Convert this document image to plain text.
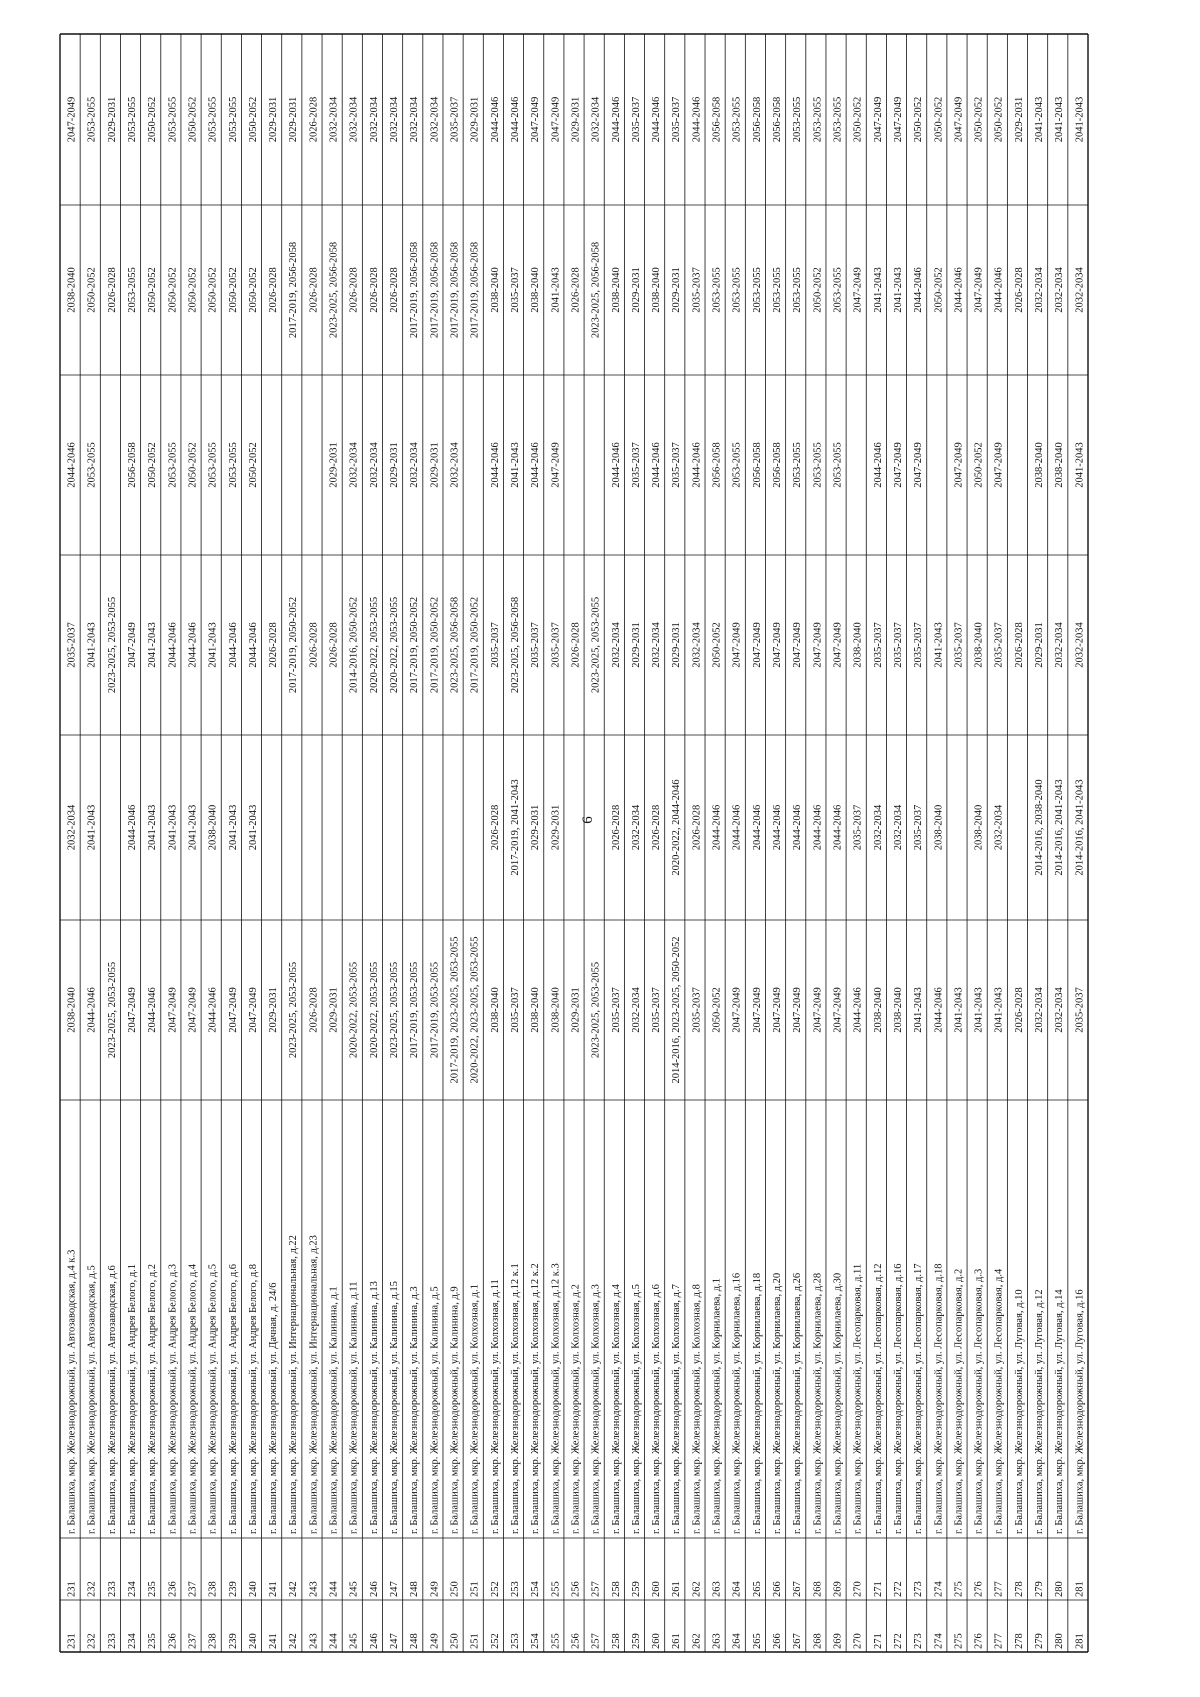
231
231
г. Балашиха, мкр. Железнодорожный, ул. Автозаводская, д.4 к.3
2038-2040
2032-2034
2035-2037
2044-2046
2038-2040
2047-2049
232
232
г. Балашиха, мкр. Железнодорожный, ул. Автозаводская, д.5
2044-2046
2041-2043
2041-2043
2053-2055
2050-2052
2053-2055
233
233
г. Балашиха, мкр. Железнодорожный, ул. Автозаводская, д.6
2023-2025, 2053-2055
2023-2025, 2053-2055
2026-2028
2029-2031
234
234
г. Балашиха, мкр. Железнодорожный, ул. Андрея Белого, д.1
2047-2049
2044-2046
2047-2049
2056-2058
2053-2055
2053-2055
235
235
г. Балашиха, мкр. Железнодорожный, ул. Андрея Белого, д.2
2044-2046
2041-2043
2041-2043
2050-2052
2050-2052
2050-2052
236
236
г. Балашиха, мкр. Железнодорожный, ул. Андрея Белого, д.3
2047-2049
2041-2043
2044-2046
2053-2055
2050-2052
2053-2055
237
237
г. Балашиха, мкр. Железнодорожный, ул. Андрея Белого, д.4
2047-2049
2041-2043
2044-2046
2050-2052
2050-2052
2050-2052
238
238
г. Балашиха, мкр. Железнодорожный, ул. Андрея Белого, д.5
2044-2046
2038-2040
2041-2043
2053-2055
2050-2052
2053-2055
239
239
г. Балашиха, мкр. Железнодорожный, ул. Андрея Белого, д.6
2047-2049
2041-2043
2044-2046
2053-2055
2050-2052
2053-2055
240
240
г. Балашиха, мкр. Железнодорожный, ул. Андрея Белого, д.8
2047-2049
2041-2043
2044-2046
2050-2052
2050-2052
2050-2052
241
241
г. Балашиха, мкр. Железнодорожный, ул. Дачная, д. 24/6
2029-2031
2026-2028
2026-2028
2029-2031
242
242
г. Балашиха, мкр. Железнодорожный, ул. Интернациональная, д.22
2023-2025, 2053-2055
2017-2019, 2050-2052
2017-2019, 2056-2058
2029-2031
243
243
г. Балашиха, мкр. Железнодорожный, ул. Интернациональная, д.23
2026-2028
2026-2028
2026-2028
2026-2028
244
244
г. Балашиха, мкр. Железнодорожный, ул. Калинина, д.1
2029-2031
2026-2028
2029-2031
2023-2025, 2056-2058
2032-2034
245
245
г. Балашиха, мкр. Железнодорожный, ул. Калинина, д.11
2020-2022, 2053-2055
2014-2016, 2050-2052
2032-2034
2026-2028
2032-2034
246
246
г. Балашиха, мкр. Железнодорожный, ул. Калинина, д.13
2020-2022, 2053-2055
2020-2022, 2053-2055
2032-2034
2026-2028
2032-2034
247
247
г. Балашиха, мкр. Железнодорожный, ул. Калинина, д.15
2023-2025, 2053-2055
2020-2022, 2053-2055
2029-2031
2026-2028
2032-2034
248
248
г. Балашиха, мкр. Железнодорожный, ул. Калинина, д.3
2017-2019, 2053-2055
2017-2019, 2050-2052
2032-2034
2017-2019, 2056-2058
2032-2034
249
249
г. Балашиха, мкр. Железнодорожный, ул. Калинина, д.5
2017-2019, 2053-2055
2017-2019, 2050-2052
2029-2031
2017-2019, 2056-2058
2032-2034
250
250
г. Балашиха, мкр. Железнодорожный, ул. Калинина, д.9
2017-2019, 2023-2025, 2053-2055
2023-2025, 2056-2058
2032-2034
2017-2019, 2056-2058
2035-2037
251
251
г. Балашиха, мкр. Железнодорожный, ул. Колхозная, д.1
2020-2022, 2023-2025, 2053-2055
2017-2019, 2050-2052
2017-2019, 2056-2058
2029-2031
252
252
г. Балашиха, мкр. Железнодорожный, ул. Колхозная, д.11
2038-2040
2026-2028
2035-2037
2044-2046
2038-2040
2044-2046
253
253
г. Балашиха, мкр. Железнодорожный, ул. Колхозная, д.12 к.1
2035-2037
2017-2019, 2041-2043
2023-2025, 2056-2058
2041-2043
2035-2037
2044-2046
254
254
г. Балашиха, мкр. Железнодорожный, ул. Колхозная, д.12 к.2
2038-2040
2029-2031
2035-2037
2044-2046
2038-2040
2047-2049
255
255
г. Балашиха, мкр. Железнодорожный, ул. Колхозная, д.12 к.3
2038-2040
2029-2031
2035-2037
2047-2049
2041-2043
2047-2049
256
256
г. Балашиха, мкр. Железнодорожный, ул. Колхозная, д.2
2029-2031
2026-2028
2026-2028
2029-2031
257
257
г. Балашиха, мкр. Железнодорожный, ул. Колхозная, д.3
2023-2025, 2053-2055
2023-2025, 2053-2055
2023-2025, 2056-2058
2032-2034
258
258
г. Балашиха, мкр. Железнодорожный, ул. Колхозная, д.4
2035-2037
2026-2028
2032-2034
2044-2046
2038-2040
2044-2046
259
259
г. Балашиха, мкр. Железнодорожный, ул. Колхозная, д.5
2032-2034
2032-2034
2029-2031
2035-2037
2029-2031
2035-2037
260
260
г. Балашиха, мкр. Железнодорожный, ул. Колхозная, д.6
2035-2037
2026-2028
2032-2034
2044-2046
2038-2040
2044-2046
261
261
г. Балашиха, мкр. Железнодорожный, ул. Колхозная, д.7
2014-2016, 2023-2025, 2050-2052
2020-2022, 2044-2046
2029-2031
2035-2037
2029-2031
2035-2037
262
262
г. Балашиха, мкр. Железнодорожный, ул. Колхозная, д.8
2035-2037
2026-2028
2032-2034
2044-2046
2035-2037
2044-2046
263
263
г. Балашиха, мкр. Железнодорожный, ул. Корнилаева, д.1
2050-2052
2044-2046
2050-2052
2056-2058
2053-2055
2056-2058
264
264
г. Балашиха, мкр. Железнодорожный, ул. Корнилаева, д.16
2047-2049
2044-2046
2047-2049
2053-2055
2053-2055
2053-2055
265
265
г. Балашиха, мкр. Железнодорожный, ул. Корнилаева, д.18
2047-2049
2044-2046
2047-2049
2056-2058
2053-2055
2056-2058
266
266
г. Балашиха, мкр. Железнодорожный, ул. Корнилаева, д.20
2047-2049
2044-2046
2047-2049
2056-2058
2053-2055
2056-2058
267
267
г. Балашиха, мкр. Железнодорожный, ул. Корнилаева, д.26
2047-2049
2044-2046
2047-2049
2053-2055
2053-2055
2053-2055
268
268
г. Балашиха, мкр. Железнодорожный, ул. Корнилаева, д.28
2047-2049
2044-2046
2047-2049
2053-2055
2050-2052
2053-2055
269
269
г. Балашиха, мкр. Железнодорожный, ул. Корнилаева, д.30
2047-2049
2044-2046
2047-2049
2053-2055
2053-2055
2053-2055
270
270
г. Балашиха, мкр. Железнодорожный, ул. Лесопарковая, д.11
2044-2046
2035-2037
2038-2040
2047-2049
2050-2052
271
271
г. Балашиха, мкр. Железнодорожный, ул. Лесопарковая, д.12
2038-2040
2032-2034
2035-2037
2044-2046
2041-2043
2047-2049
272
272
г. Балашиха, мкр. Железнодорожный, ул. Лесопарковая, д.16
2038-2040
2032-2034
2035-2037
2047-2049
2041-2043
2047-2049
273
273
г. Балашиха, мкр. Железнодорожный, ул. Лесопарковая, д.17
2041-2043
2035-2037
2035-2037
2047-2049
2044-2046
2050-2052
274
274
г. Балашиха, мкр. Железнодорожный, ул. Лесопарковая, д.18
2044-2046
2038-2040
2041-2043
2050-2052
2050-2052
275
275
г. Балашиха, мкр. Железнодорожный, ул. Лесопарковая, д.2
2041-2043
2035-2037
2047-2049
2044-2046
2047-2049
276
276
г. Балашиха, мкр. Железнодорожный, ул. Лесопарковая, д.3
2041-2043
2038-2040
2038-2040
2050-2052
2047-2049
2050-2052
277
277
г. Балашиха, мкр. Железнодорожный, ул. Лесопарковая, д.4
2041-2043
2032-2034
2035-2037
2047-2049
2044-2046
2050-2052
278
278
г. Балашиха, мкр. Железнодорожный, ул. Луговая, д.10
2026-2028
2026-2028
2026-2028
2029-2031
279
279
г. Балашиха, мкр. Железнодорожный, ул. Луговая, д.12
2032-2034
2014-2016, 2038-2040
2029-2031
2038-2040
2032-2034
2041-2043
280
280
г. Балашиха, мкр. Железнодорожный, ул. Луговая, д.14
2032-2034
2014-2016, 2041-2043
2032-2034
2038-2040
2032-2034
2041-2043
281
281
г. Балашиха, мкр. Железнодорожный, ул. Луговая, д.16
2035-2037
2014-2016, 2041-2043
2032-2034
2041-2043
2032-2034
2041-2043
6
